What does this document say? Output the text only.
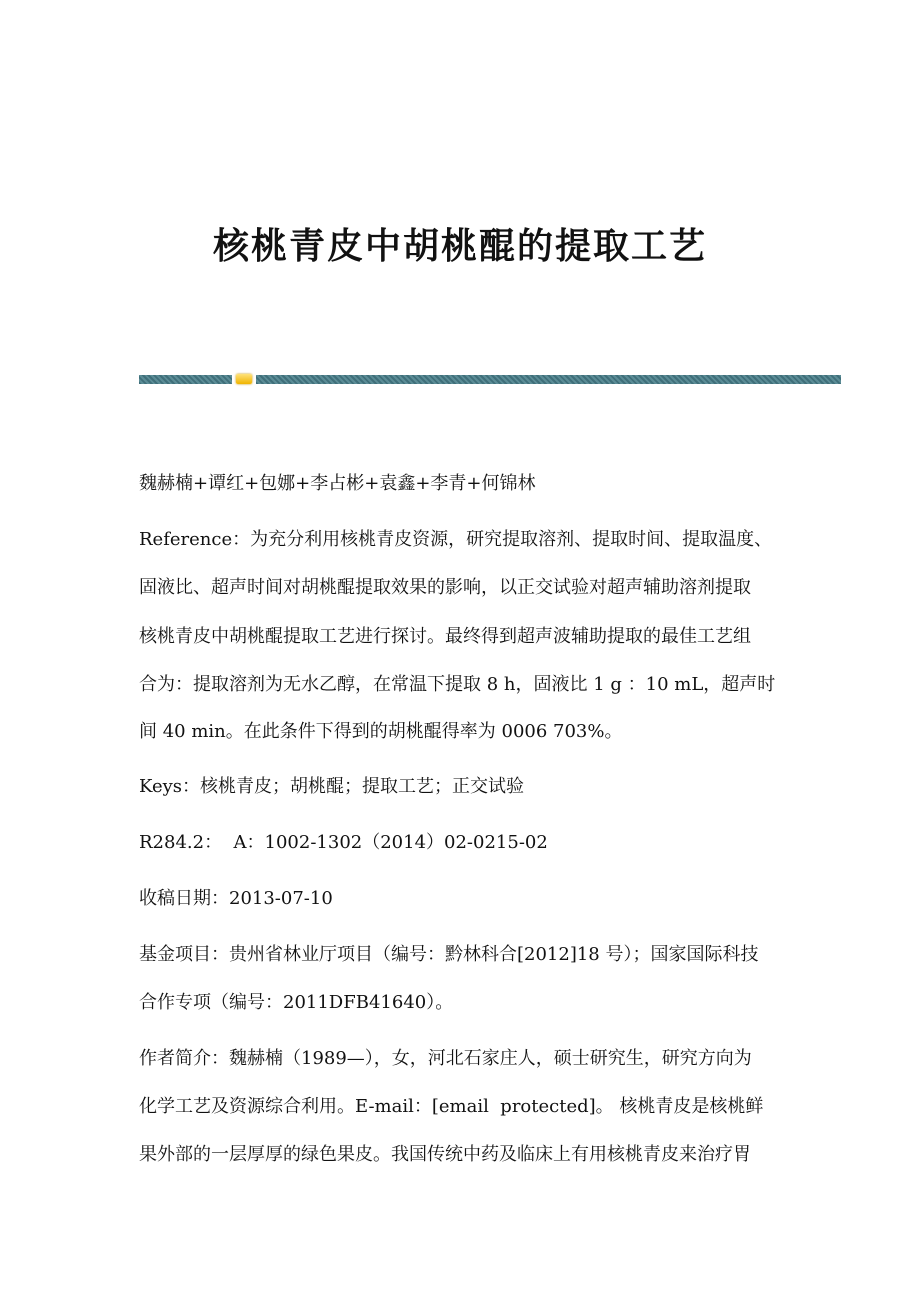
核桃青皮中胡桃醌的提取工艺
魏赫楠+谭红+包娜+李占彬+袁鑫+李青+何锦林
Reference：为充分利用核桃青皮资源，研究提取溶剂、提取时间、提取温度、
固液比、超声时间对胡桃醌提取效果的影响，以正交试验对超声辅助溶剂提取
核桃青皮中胡桃醌提取工艺进行探讨。最终得到超声波辅助提取的最佳工艺组
合为：提取溶剂为无水乙醇，在常温下提取 8 h，固液比 1 g ：10 mL，超声时
间 40 min。在此条件下得到的胡桃醌得率为 0006 703%。
Keys：核桃青皮；胡桃醌；提取工艺；正交试验
R284.2：  A：1002-1302（2014）02-0215-02
收稿日期：2013-07-10
基金项目：贵州省林业厅项目（编号：黔林科合[2012]18 号）；国家国际科技
合作专项（编号：2011DFB41640）。
作者简介：魏赫楠（1989—），女，河北石家庄人，硕士研究生，研究方向为
化学工艺及资源综合利用。E-mail：[email  protected]。 核桃青皮是核桃鲜
果外部的一层厚厚的绿色果皮。我国传统中药及临床上有用核桃青皮来治疗胃
